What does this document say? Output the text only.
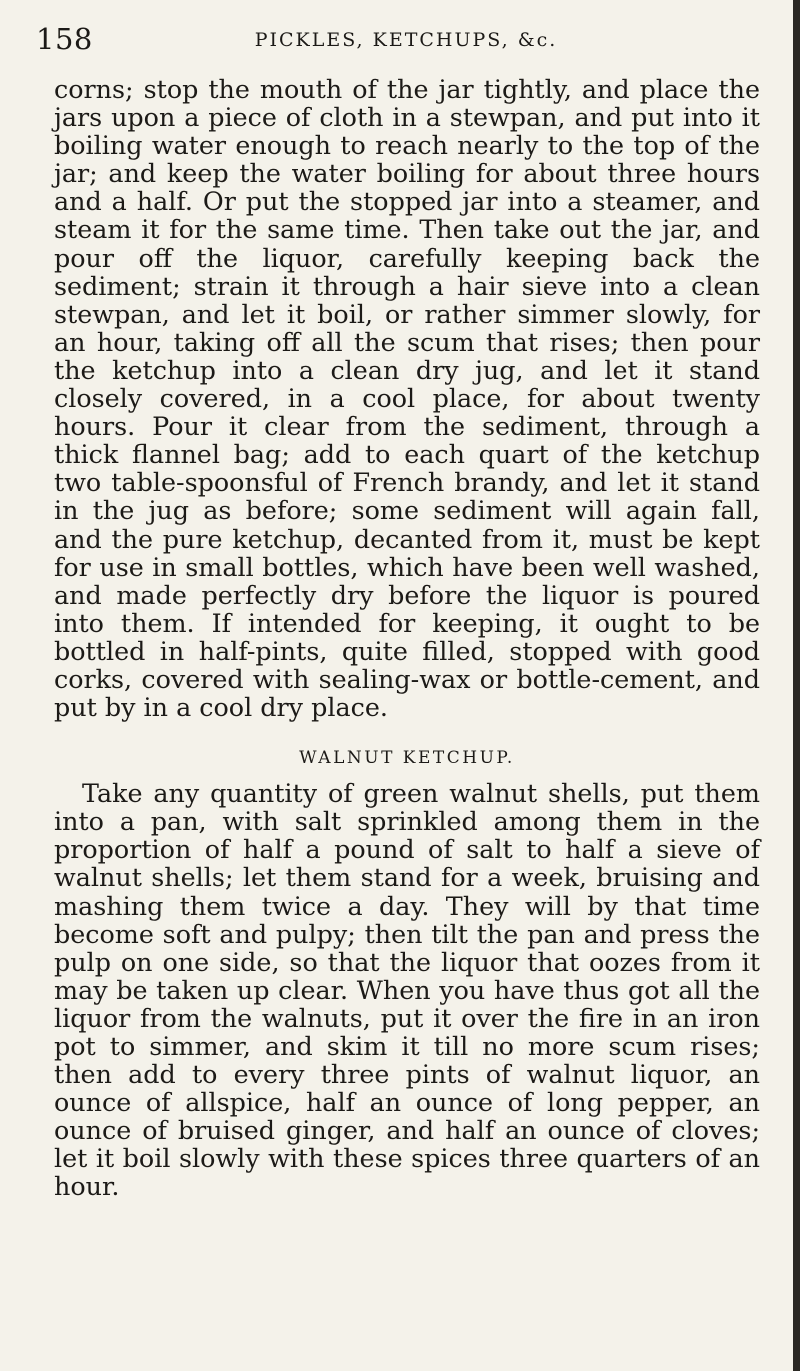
158	PICKLES, KETCHUPS, &c.

corns; stop the mouth of the jar tightly, and place the jars upon a piece of cloth in a stewpan, and put into it boiling water enough to reach nearly to the top of the jar; and keep the water boiling for about three hours and a half. Or put the stopped jar into a steamer, and steam it for the same time. Then take out the jar, and pour off the liquor, carefully keeping back the sediment; strain it through a hair sieve into a clean stewpan, and let it boil, or rather simmer slowly, for an hour, taking off all the scum that rises; then pour the ketchup into a clean dry jug, and let it stand closely covered, in a cool place, for about twenty hours. Pour it clear from the sediment, through a thick flannel bag; add to each quart of the ketchup two table-spoonsful of French brandy, and let it stand in the jug as before; some sediment will again fall, and the pure ketchup, decanted from it, must be kept for use in small bottles, which have been well washed, and made perfectly dry before the liquor is poured into them. If intended for keeping, it ought to be bottled in half-pints, quite filled, stopped with good corks, covered with sealing-wax or bottle-cement, and put by in a cool dry place.

WALNUT KETCHUP.

Take any quantity of green walnut shells, put them into a pan, with salt sprinkled among them in the proportion of half a pound of salt to half a sieve of walnut shells; let them stand for a week, bruising and mashing them twice a day. They will by that time become soft and pulpy; then tilt the pan and press the pulp on one side, so that the liquor that oozes from it may be taken up clear. When you have thus got all the liquor from the walnuts, put it over the fire in an iron pot to simmer, and skim it till no more scum rises; then add to every three pints of walnut liquor, an ounce of allspice, half an ounce of long pepper, an ounce of bruised ginger, and half an ounce of cloves; let it boil slowly with these spices three quarters of an hour.
